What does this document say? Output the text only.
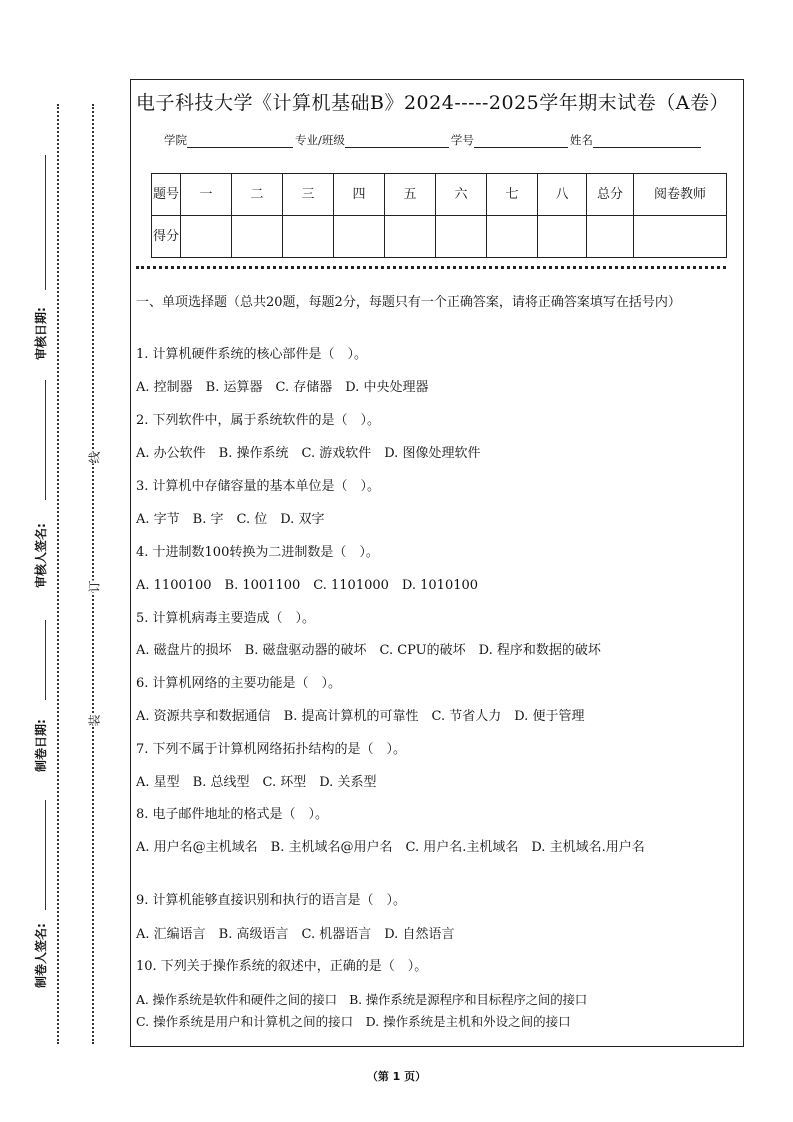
审核日期:
审核人签名:
制卷日期:
制卷人签名:
线
订
装
电子科技大学《计算机基础B》2024-----2025学年期末试卷（A卷）
学院	专业/班级	学号	姓名
题号	一	二	三	四	五	六	七	八	总分	阅卷教师
得分										

一、单项选择题（总共20题，每题2分，每题只有一个正确答案，请将正确答案填写在括号内）

1. 计算机硬件系统的核心部件是（　）。

A. 控制器　B. 运算器　C. 存储器　D. 中央处理器

2. 下列软件中，属于系统软件的是（　）。

A. 办公软件　B. 操作系统　C. 游戏软件　D. 图像处理软件

3. 计算机中存储容量的基本单位是（　）。

A. 字节　B. 字　C. 位　D. 双字

4. 十进制数100转换为二进制数是（　）。

A. 1100100　B. 1001100　C. 1101000　D. 1010100

5. 计算机病毒主要造成（　）。

A. 磁盘片的损坏　B. 磁盘驱动器的破坏　C. CPU的破坏　D. 程序和数据的破坏

6. 计算机网络的主要功能是（　）。

A. 资源共享和数据通信　B. 提高计算机的可靠性　C. 节省人力　D. 便于管理

7. 下列不属于计算机网络拓扑结构的是（　）。

A. 星型　B. 总线型　C. 环型　D. 关系型

8. 电子邮件地址的格式是（　）。

A. 用户名@主机域名　B. 主机域名@用户名　C. 用户名.主机域名　D. 主机域名.用户名

9. 计算机能够直接识别和执行的语言是（　）。

A. 汇编语言　B. 高级语言　C. 机器语言　D. 自然语言

10. 下列关于操作系统的叙述中，正确的是（　）。

A. 操作系统是软件和硬件之间的接口　B. 操作系统是源程序和目标程序之间的接口

C. 操作系统是用户和计算机之间的接口　D. 操作系统是主机和外设之间的接口

（第 1 页）
